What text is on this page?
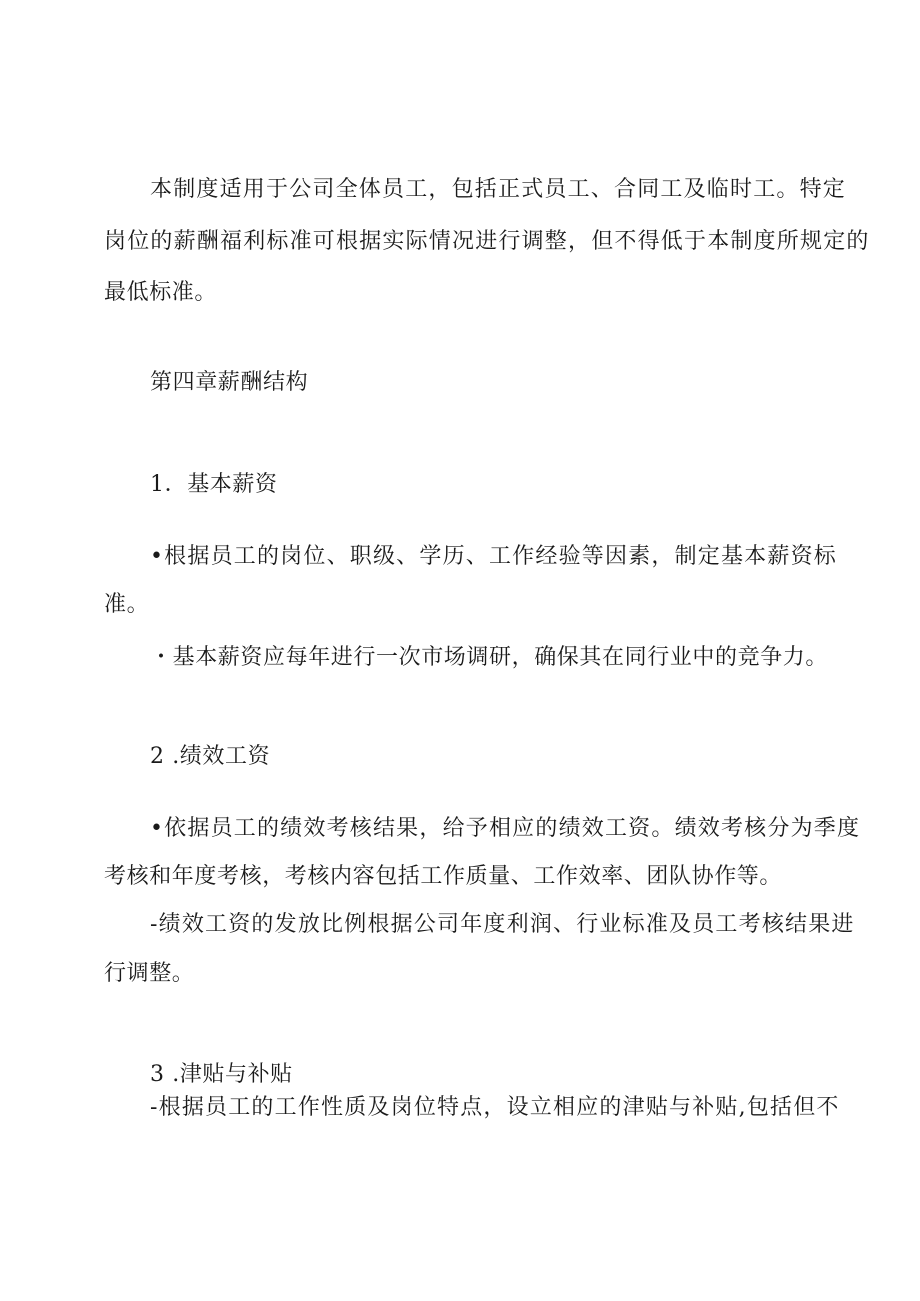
本制度适用于公司全体员工，包括正式员工、合同工及临时工。特定
岗位的薪酬福利标准可根据实际情况进行调整，但不得低于本制度所规定的
最低标准。
第四章薪酬结构
1．基本薪资
•根据员工的岗位、职级、学历、工作经验等因素，制定基本薪资标
准。
・基本薪资应每年进行一次市场调研，确保其在同行业中的竞争力。
2 .绩效工资
•依据员工的绩效考核结果，给予相应的绩效工资。绩效考核分为季度
考核和年度考核，考核内容包括工作质量、工作效率、团队协作等。
-绩效工资的发放比例根据公司年度利润、行业标准及员工考核结果进
行调整。
3 .津贴与补贴
-根据员工的工作性质及岗位特点，设立相应的津贴与补贴,包括但不
